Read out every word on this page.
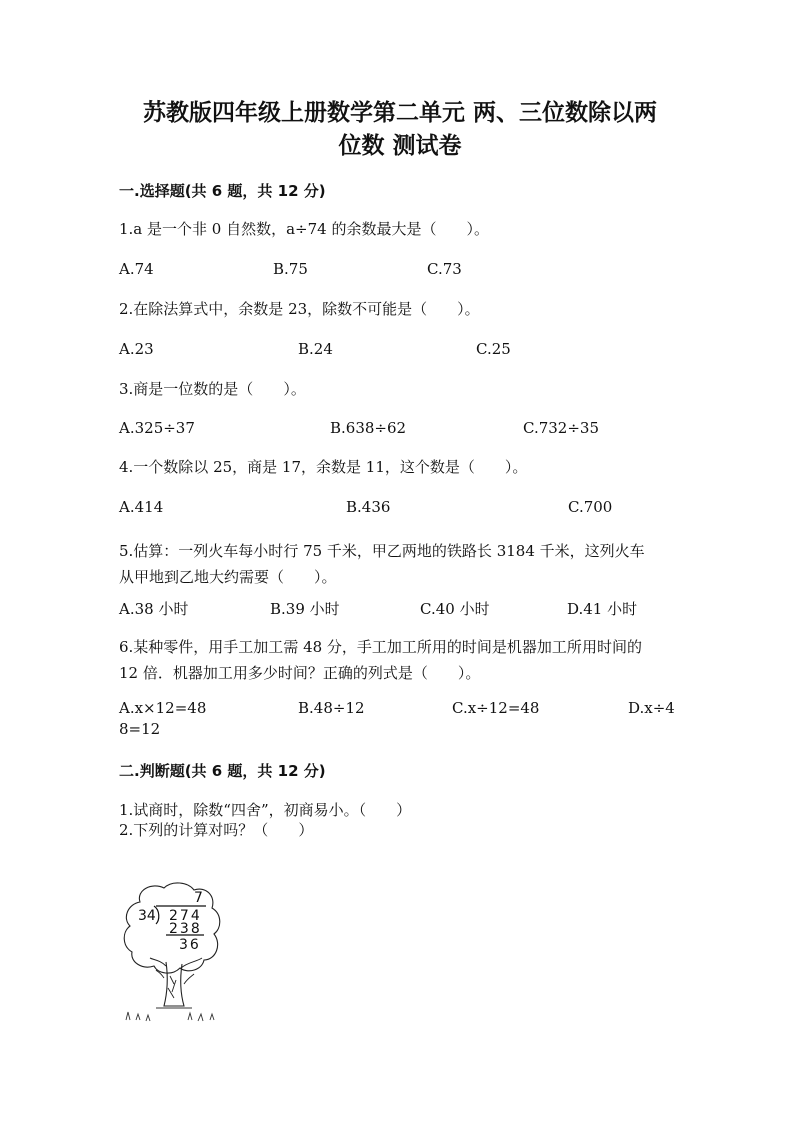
苏教版四年级上册数学第二单元 两、三位数除以两
位数 测试卷
一.选择题(共 6 题，共 12 分)
1.a 是一个非 0 自然数，a÷74 的余数最大是（　　）。
A.74	B.75	C.73
2.在除法算式中，余数是 23，除数不可能是（　　）。
A.23	B.24	C.25
3.商是一位数的是（　　）。
A.325÷37	B.638÷62	C.732÷35
4.一个数除以 25，商是 17，余数是 11，这个数是（　　）。
A.414	B.436	C.700
5.估算：一列火车每小时行 75 千米，甲乙两地的铁路长 3184 千米，这列火车
从甲地到乙地大约需要（　　）。
A.38 小时	B.39 小时	C.40 小时	D.41 小时
6.某种零件，用手工加工需 48 分，手工加工所用的时间是机器加工所用时间的
12 倍．机器加工用多少时间？正确的列式是（　　）。
A.x×12=48	B.48÷12	C.x÷12=48	D.x÷4
8=12
二.判断题(共 6 题，共 12 分)
1.试商时，除数“四舍”，初商易小。（　　）
2.下列的计算对吗？（　　）
7
34 274
238
36
